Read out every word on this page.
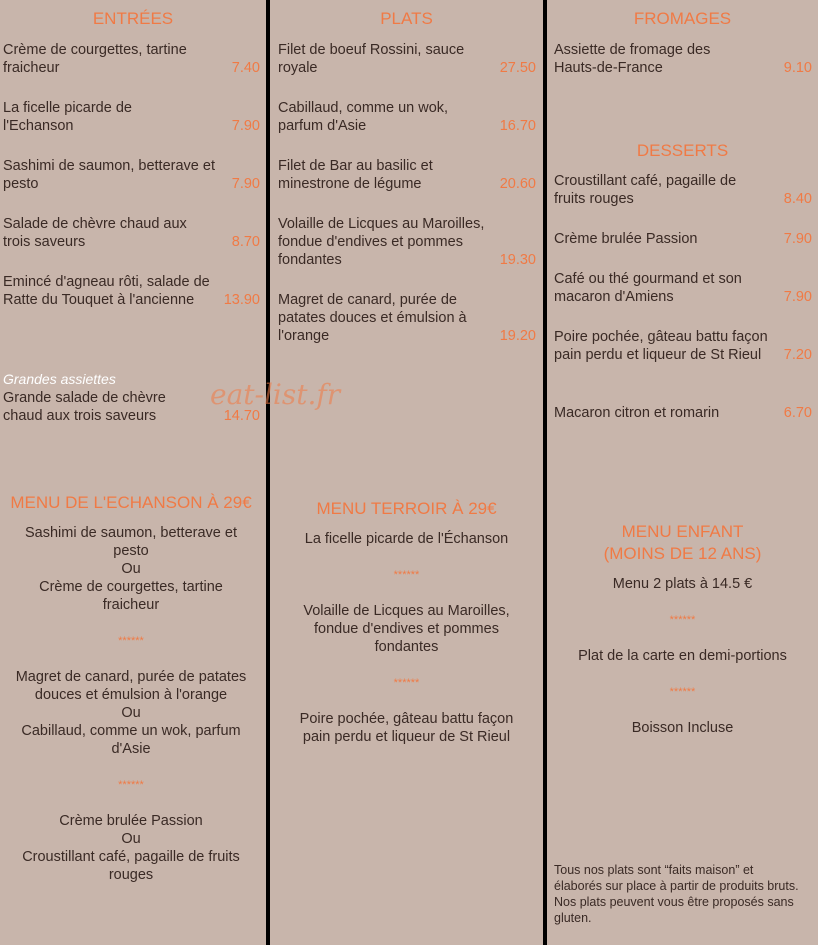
ENTRÉES
Crème de courgettes, tartine fraicheur	7.40
La ficelle picarde de l'Echanson	7.90
Sashimi de saumon, betterave et pesto	7.90
Salade de chèvre chaud aux trois saveurs	8.70
Emincé d'agneau rôti, salade de Ratte du Touquet à l'ancienne	13.90
Grandes assiettes
Grande salade de chèvre chaud aux trois saveurs	14.70
eat-list.fr
MENU DE L'ECHANSON À 29€
Sashimi de saumon, betterave et pesto
Ou
Crème de courgettes, tartine fraicheur
******
Magret de canard, purée de patates douces et émulsion à l'orange
Ou
Cabillaud, comme un wok, parfum d'Asie
******
Crème brulée Passion
Ou
Croustillant café, pagaille de fruits rouges
PLATS
Filet de boeuf Rossini, sauce royale	27.50
Cabillaud, comme un wok, parfum d'Asie	16.70
Filet de Bar au basilic et minestrone de légume	20.60
Volaille de Licques au Maroilles, fondue d'endives et pommes fondantes	19.30
Magret de canard, purée de patates douces et émulsion à l'orange	19.20
MENU TERROIR À 29€
La ficelle picarde de l'Échanson
******
Volaille de Licques au Maroilles, fondue d'endives et pommes fondantes
******
Poire pochée, gâteau battu façon pain perdu et liqueur de St Rieul
FROMAGES
Assiette de fromage des Hauts-de-France	9.10
DESSERTS
Croustillant café, pagaille de fruits rouges	8.40
Crème brulée Passion	7.90
Café ou thé gourmand et son macaron d'Amiens	7.90
Poire pochée, gâteau battu façon pain perdu et liqueur de St Rieul	7.20
Macaron citron et romarin	6.70
MENU ENFANT
(MOINS DE 12 ANS)
Menu 2 plats à 14.5 €
******
Plat de la carte en demi-portions
******
Boisson Incluse
Tous nos plats sont “faits maison” et élaborés sur place à partir de produits bruts.
Nos plats peuvent vous être proposés sans gluten.
